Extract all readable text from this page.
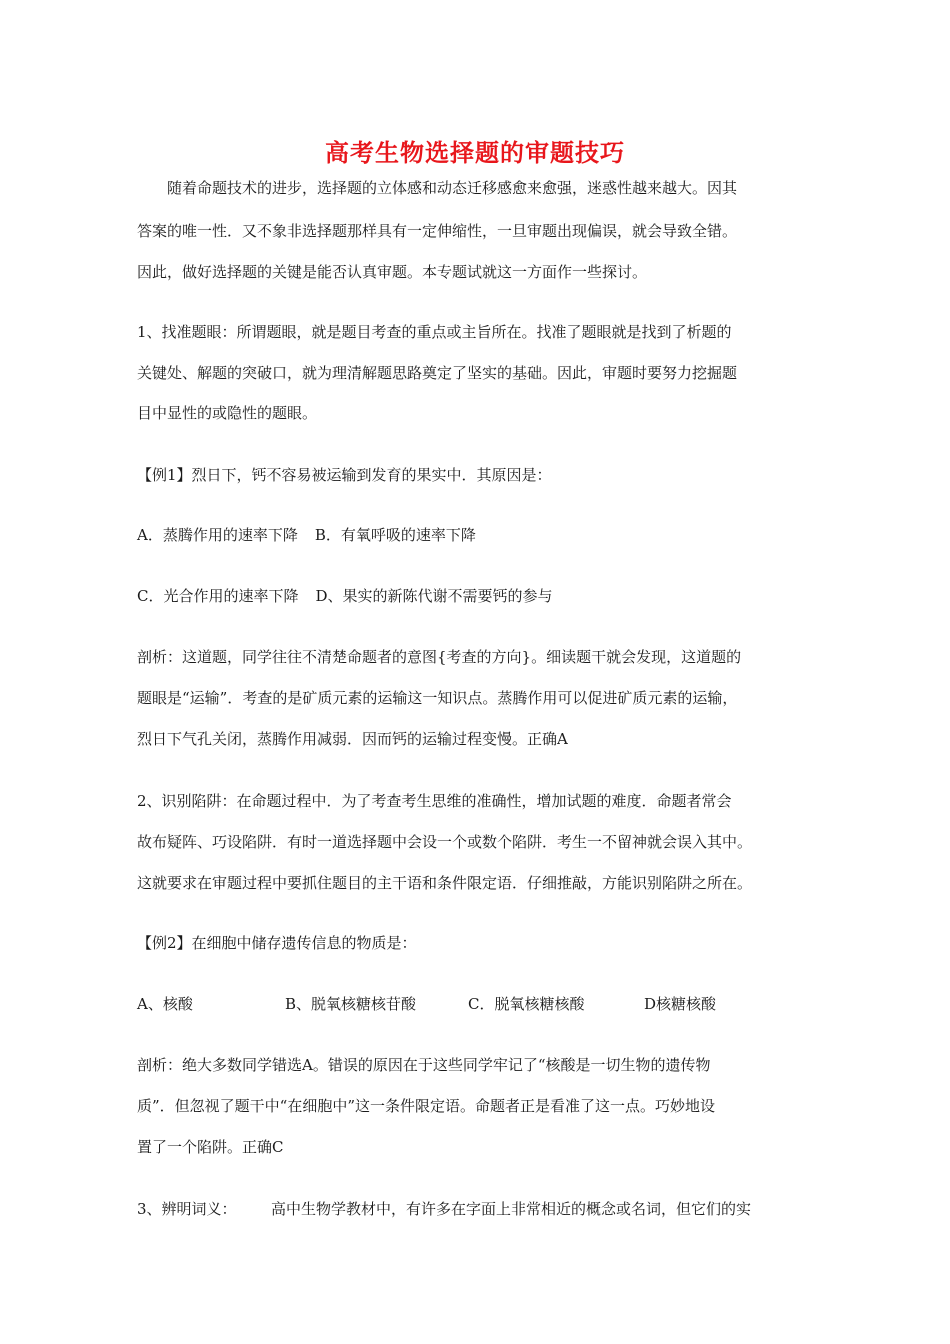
高考生物选择题的审题技巧
随着命题技术的进步，选择题的立体感和动态迁移感愈来愈强，迷惑性越来越大。因其
答案的唯一性．又不象非选择题那样具有一定伸缩性，一旦审题出现偏误，就会导致全错。
因此，做好选择题的关键是能否认真审题。本专题试就这一方面作一些探讨。
1、找准题眼：所谓题眼，就是题目考查的重点或主旨所在。找准了题眼就是找到了析题的
关键处、解题的突破口，就为理清解题思路奠定了坚实的基础。因此，审题时要努力挖掘题
目中显性的或隐性的题眼。
【例1】烈日下，钙不容易被运输到发育的果实中．其原因是：
A．蒸腾作用的速率下降 B．有氧呼吸的速率下降
C．光合作用的速率下降 D、果实的新陈代谢不需要钙的参与
剖析：这道题，同学往往不清楚命题者的意图{考查的方向}。细读题干就会发现，这道题的
题眼是“运输”．考查的是矿质元素的运输这一知识点。蒸腾作用可以促进矿质元素的运输，
烈日下气孔关闭，蒸腾作用减弱．因而钙的运输过程变慢。正确A
2、识别陷阱：在命题过程中．为了考查考生思维的准确性，增加试题的难度．命题者常会
故布疑阵、巧设陷阱．有时一道选择题中会设一个或数个陷阱．考生一不留神就会误入其中。
这就要求在审题过程中要抓住题目的主干语和条件限定语．仔细推敲，方能识别陷阱之所在。
【例2】在细胞中储存遗传信息的物质是：
A、核酸	B、脱氧核糖核苷酸	C．脱氧核糖核酸	D核糖核酸
剖析：绝大多数同学错选A。错误的原因在于这些同学牢记了“核酸是一切生物的遗传物
质”．但忽视了题干中“在细胞中”这一条件限定语。命题者正是看准了这一点。巧妙地设
置了一个陷阱。正确C
3、辨明词义： 高中生物学教材中，有许多在字面上非常相近的概念或名词，但它们的实
